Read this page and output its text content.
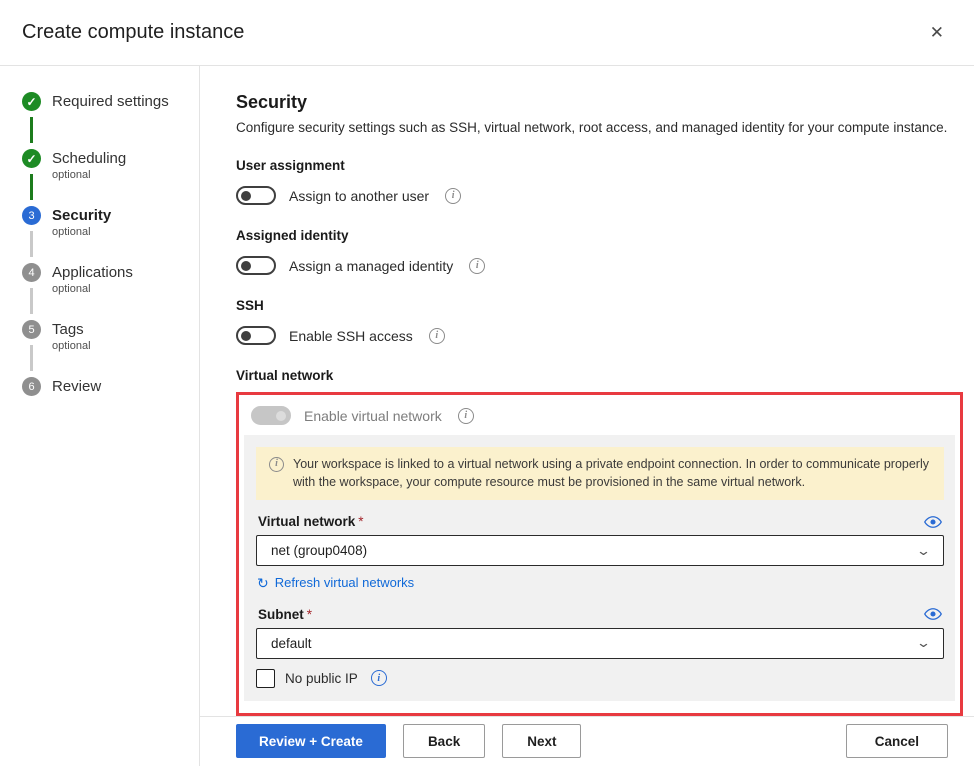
Create compute instance	✕
✓ Required settings
✓ Scheduling
optional
3	Security
optional
4	Applications
optional
5	Tags
optional
6	Review
Security
Configure security settings such as SSH, virtual network, root access, and managed identity for your compute instance.
User assignment
Assign to another user	i
Assigned identity
Assign a managed identity	i
SSH
Enable SSH access	i
Virtual network
Enable virtual network	i
i	Your workspace is linked to a virtual network using a private endpoint connection. In order to communicate properly with the workspace, your compute resource must be provisioned in the same virtual network.
Virtual network *
net (group0408)	⌄
↻ Refresh virtual networks
Subnet *
default	⌄
No public IP	i
Review + Create	Back	Next	Cancel
